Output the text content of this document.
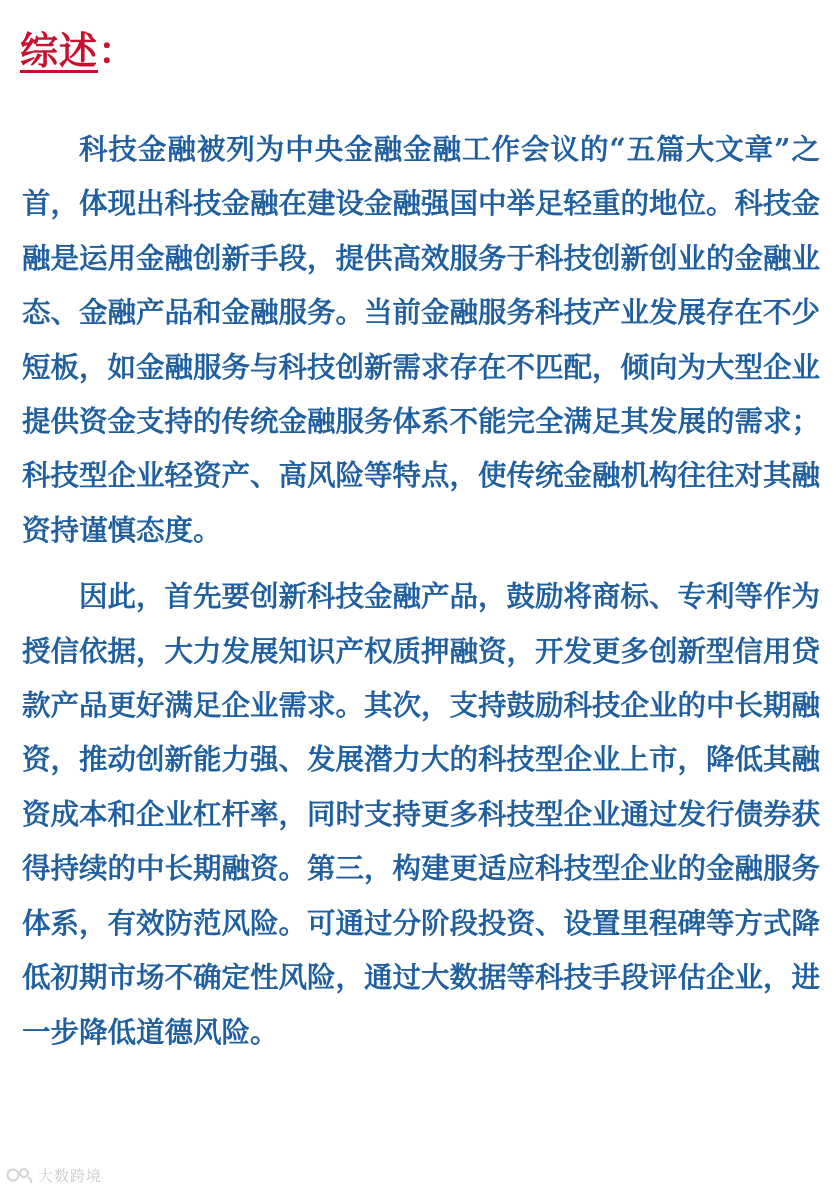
综述：

科技金融被列为中央金融金融工作会议的“五篇大文章”之首，体现出科技金融在建设金融强国中举足轻重的地位。科技金融是运用金融创新手段，提供高效服务于科技创新创业的金融业态、金融产品和金融服务。当前金融服务科技产业发展存在不少短板，如金融服务与科技创新需求存在不匹配，倾向为大型企业提供资金支持的传统金融服务体系不能完全满足其发展的需求；科技型企业轻资产、高风险等特点，使传统金融机构往往对其融资持谨慎态度。

因此，首先要创新科技金融产品，鼓励将商标、专利等作为授信依据，大力发展知识产权质押融资，开发更多创新型信用贷款产品更好满足企业需求。其次，支持鼓励科技企业的中长期融资，推动创新能力强、发展潜力大的科技型企业上市，降低其融资成本和企业杠杆率，同时支持更多科技型企业通过发行债券获得持续的中长期融资。第三，构建更适应科技型企业的金融服务体系，有效防范风险。可通过分阶段投资、设置里程碑等方式降低初期市场不确定性风险，通过大数据等科技手段评估企业，进一步降低道德风险。

大数跨境
